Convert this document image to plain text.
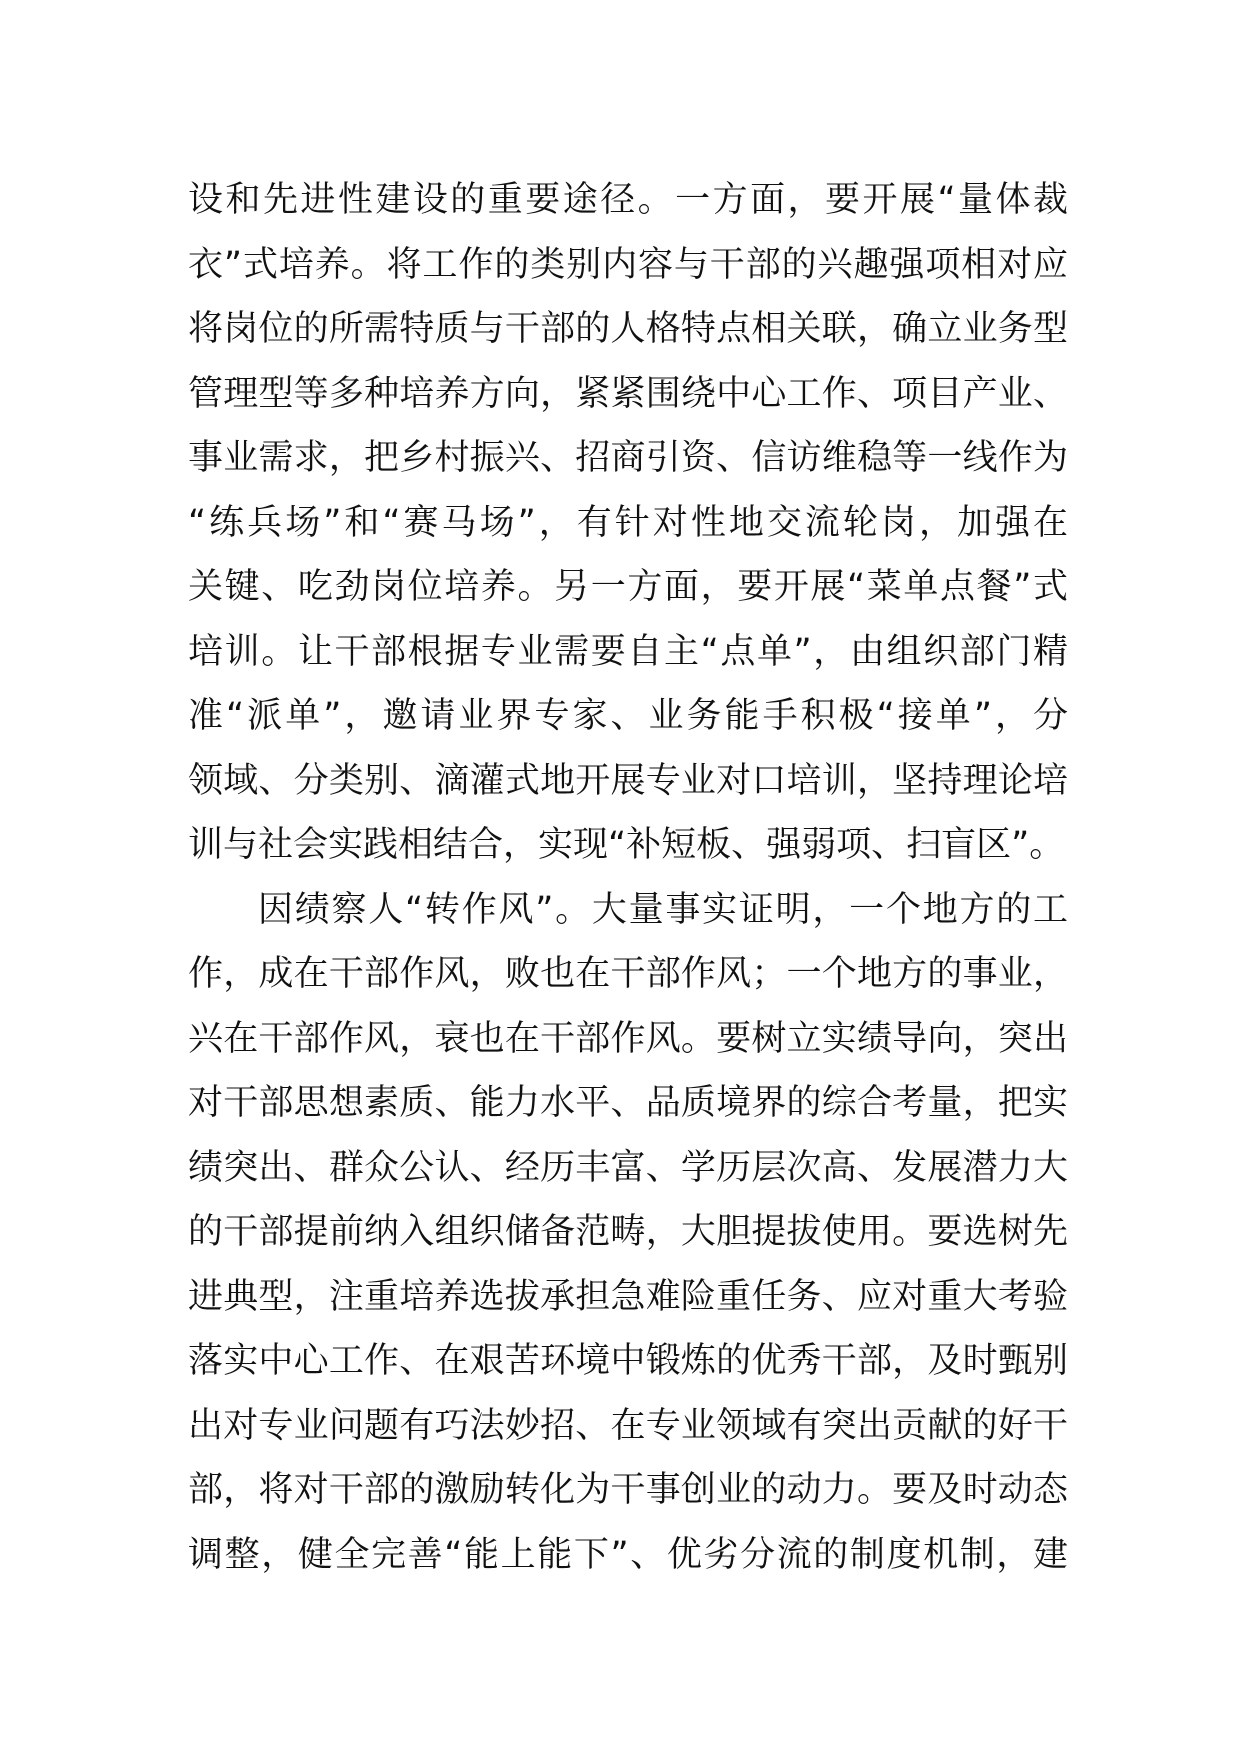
设和先进性建设的重要途径。一方面，要开展“量体裁
衣”式培养。将工作的类别内容与干部的兴趣强项相对应
将岗位的所需特质与干部的人格特点相关联，确立业务型
管理型等多种培养方向，紧紧围绕中心工作、项目产业、
事业需求，把乡村振兴、招商引资、信访维稳等一线作为
“练兵场”和“赛马场”，有针对性地交流轮岗，加强在
关键、吃劲岗位培养。另一方面，要开展“菜单点餐”式
培训。让干部根据专业需要自主“点单”，由组织部门精
准“派单”，邀请业界专家、业务能手积极“接单”，分
领域、分类别、滴灌式地开展专业对口培训，坚持理论培
训与社会实践相结合，实现“补短板、强弱项、扫盲区”。
因绩察人“转作风”。大量事实证明，一个地方的工
作，成在干部作风，败也在干部作风；一个地方的事业，
兴在干部作风，衰也在干部作风。要树立实绩导向，突出
对干部思想素质、能力水平、品质境界的综合考量，把实
绩突出、群众公认、经历丰富、学历层次高、发展潜力大
的干部提前纳入组织储备范畴，大胆提拔使用。要选树先
进典型，注重培养选拔承担急难险重任务、应对重大考验
落实中心工作、在艰苦环境中锻炼的优秀干部，及时甄别
出对专业问题有巧法妙招、在专业领域有突出贡献的好干
部，将对干部的激励转化为干事创业的动力。要及时动态
调整，健全完善“能上能下”、优劣分流的制度机制，建
